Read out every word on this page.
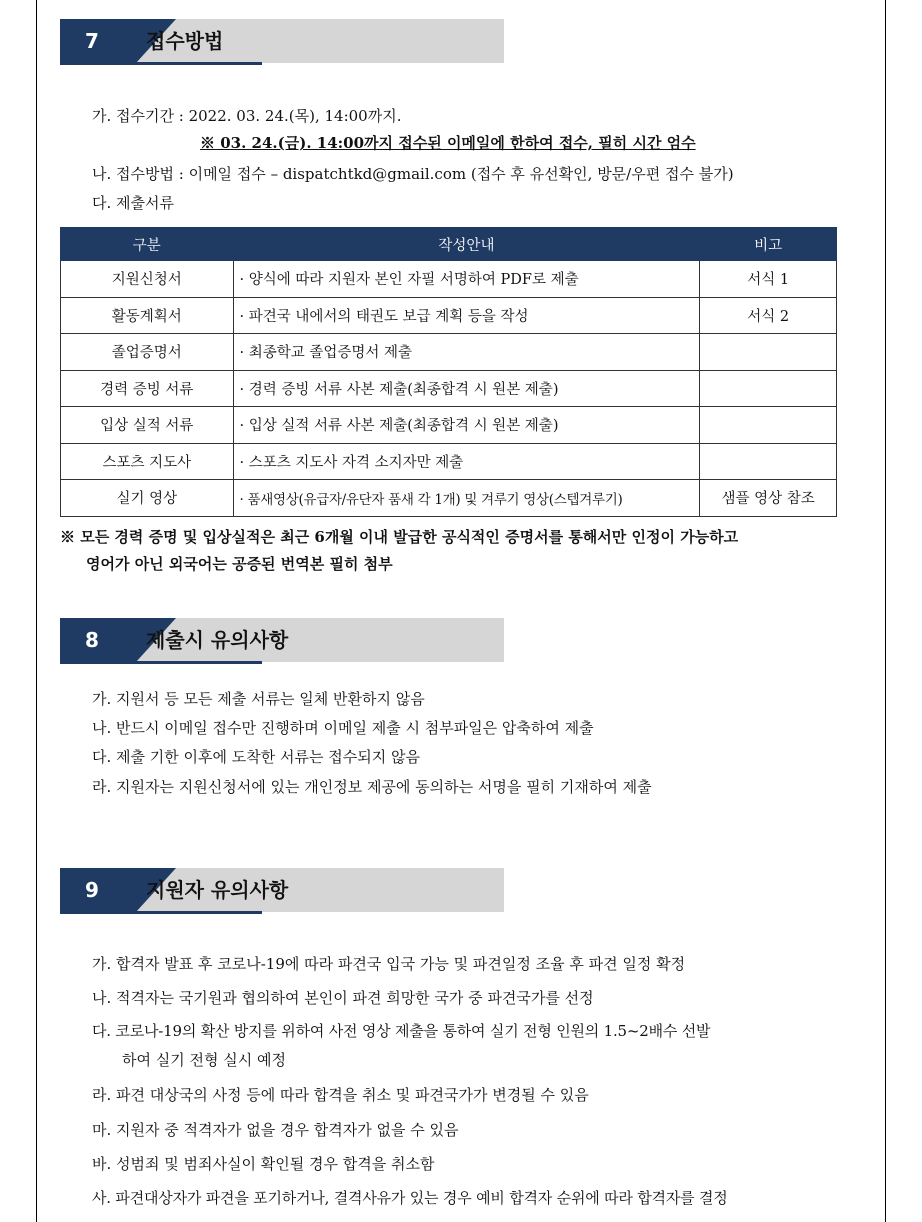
7	접수방법
가. 접수기간 : 2022. 03. 24.(목), 14:00까지.
※ 03. 24.(금). 14:00까지 접수된 이메일에 한하여 접수, 필히 시간 엄수
나. 접수방법 : 이메일 접수 – dispatchtkd@gmail.com (접수 후 유선확인, 방문/우편 접수 불가)
다. 제출서류
구분	작성안내	비고
지원신청서	· 양식에 따라 지원자 본인 자필 서명하여 PDF로 제출	서식 1
활동계획서	· 파견국 내에서의 태권도 보급 계획 등을 작성	서식 2
졸업증명서	· 최종학교 졸업증명서 제출	
경력 증빙 서류	· 경력 증빙 서류 사본 제출(최종합격 시 원본 제출)	
입상 실적 서류	· 입상 실적 서류 사본 제출(최종합격 시 원본 제출)	
스포츠 지도사	· 스포츠 지도사 자격 소지자만 제출	
실기 영상	· 품새영상(유급자/유단자 품새 각 1개) 및 겨루기 영상(스텝겨루기)	샘플 영상 참조
※ 모든 경력 증명 및 입상실적은 최근 6개월 이내 발급한 공식적인 증명서를 통해서만 인정이 가능하고
영어가 아닌 외국어는 공증된 번역본 필히 첨부
8	제출시 유의사항
가. 지원서 등 모든 제출 서류는 일체 반환하지 않음
나. 반드시 이메일 접수만 진행하며 이메일 제출 시 첨부파일은 압축하여 제출
다. 제출 기한 이후에 도착한 서류는 접수되지 않음
라. 지원자는 지원신청서에 있는 개인정보 제공에 동의하는 서명을 필히 기재하여 제출
9	지원자 유의사항
가. 합격자 발표 후 코로나-19에 따라 파견국 입국 가능 및 파견일정 조율 후 파견 일정 확정
나. 적격자는 국기원과 협의하여 본인이 파견 희망한 국가 중 파견국가를 선정
다. 코로나-19의 확산 방지를 위하여 사전 영상 제출을 통하여 실기 전형 인원의 1.5~2배수 선발
하여 실기 전형 실시 예정
라. 파견 대상국의 사정 등에 따라 합격을 취소 및 파견국가가 변경될 수 있음
마. 지원자 중 적격자가 없을 경우 합격자가 없을 수 있음
바. 성범죄 및 범죄사실이 확인될 경우 합격을 취소함
사. 파견대상자가 파견을 포기하거나, 결격사유가 있는 경우 예비 합격자 순위에 따라 합격자를 결정
